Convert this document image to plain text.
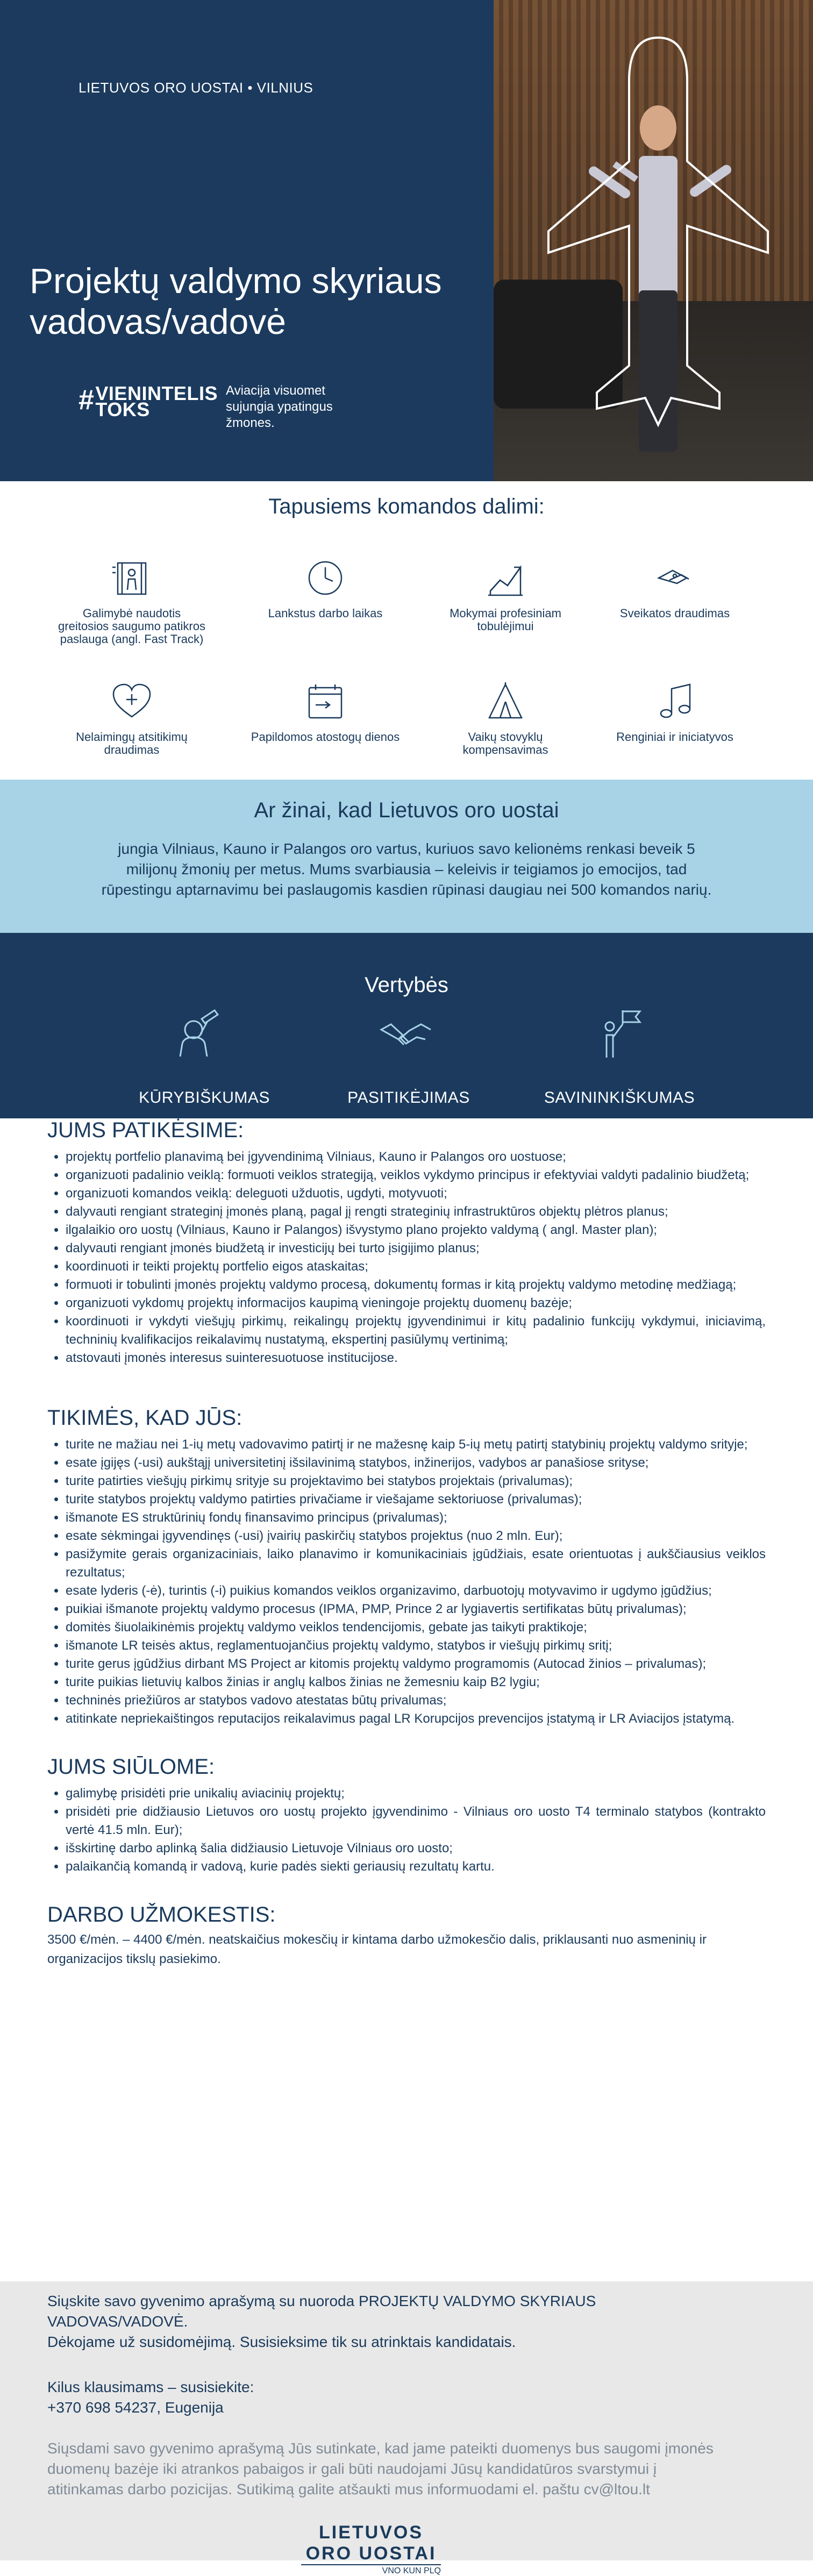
LIETUVOS ORO UOSTAI • VILNIUS
Projektų valdymo skyriaus vadovas/vadovė
#VIENINTELIS
TOKS
Aviacija visuomet sujungia ypatingus žmones.
Tapusiems komandos dalimi:
Galimybė naudotis greitosios saugumo patikros paslauga (angl. Fast Track)
Lankstus darbo laikas	Mokymai profesiniam tobulėjimui
Sveikatos draudimas
Nelaimingų atsitikimų draudimas
Papildomos atostogų dienos	Vaikų stovyklų kompensavimas
Renginiai ir iniciatyvos
Ar žinai, kad Lietuvos oro uostai

jungia Vilniaus, Kauno ir Palangos oro vartus, kuriuos savo kelionėms renkasi beveik 5 milijonų žmonių per metus. Mums svarbiausia – keleivis ir teigiamos jo emocijos, tad rūpestingu aptarnavimu bei paslaugomis kasdien rūpinasi daugiau nei 500 komandos narių.

Vertybės
KŪRYBIŠKUMAS	PASITIKĖJIMAS	SAVININKIŠKUMAS
JUMS PATIKĖSIME:
• projektų portfelio planavimą bei įgyvendinimą Vilniaus, Kauno ir Palangos oro uostuose;
• organizuoti padalinio veiklą: formuoti veiklos strategiją, veiklos vykdymo principus ir efektyviai valdyti padalinio biudžetą;
• organizuoti komandos veiklą: deleguoti užduotis, ugdyti, motyvuoti;
• dalyvauti rengiant strateginį įmonės planą, pagal jį rengti strateginių infrastruktūros objektų plėtros planus;
• ilgalaikio oro uostų (Vilniaus, Kauno ir Palangos) išvystymo plano projekto valdymą ( angl. Master plan);
• dalyvauti rengiant įmonės biudžetą ir investicijų bei turto įsigijimo planus;
• koordinuoti ir teikti projektų portfelio eigos ataskaitas;
• formuoti ir tobulinti įmonės projektų valdymo procesą, dokumentų formas ir kitą projektų valdymo metodinę medžiagą;
• organizuoti vykdomų projektų informacijos kaupimą vieningoje projektų duomenų bazėje;
• koordinuoti ir vykdyti viešųjų pirkimų, reikalingų projektų įgyvendinimui ir kitų padalinio funkcijų vykdymui, iniciavimą, techninių kvalifikacijos reikalavimų nustatymą, ekspertinį pasiūlymų vertinimą;
• atstovauti įmonės interesus suinteresuotuose institucijose.
TIKIMĖS, KAD JŪS:
• turite ne mažiau nei 1-ių metų vadovavimo patirtį ir ne mažesnę kaip 5-ių metų patirtį statybinių projektų valdymo srityje;
• esate įgijęs (-usi) aukštąjį universitetinį išsilavinimą statybos, inžinerijos, vadybos ar panašiose srityse;
• turite patirties viešųjų pirkimų srityje su projektavimo bei statybos projektais (privalumas);
• turite statybos projektų valdymo patirties privačiame ir viešajame sektoriuose (privalumas);
• išmanote ES struktūrinių fondų finansavimo principus (privalumas);
• esate sėkmingai įgyvendinęs (-usi) įvairių paskirčių statybos projektus (nuo 2 mln. Eur);
• pasižymite gerais organizaciniais, laiko planavimo ir komunikaciniais įgūdžiais, esate orientuotas į aukščiausius veiklos rezultatus;
• esate lyderis (-ė), turintis (-i) puikius komandos veiklos organizavimo, darbuotojų motyvavimo ir ugdymo įgūdžius;
• puikiai išmanote projektų valdymo procesus (IPMA, PMP, Prince 2 ar lygiavertis sertifikatas būtų privalumas);
• domitės šiuolaikinėmis projektų valdymo veiklos tendencijomis, gebate jas taikyti praktikoje;
• išmanote LR teisės aktus, reglamentuojančius projektų valdymo, statybos ir viešųjų pirkimų sritį;
• turite gerus įgūdžius dirbant MS Project ar kitomis projektų valdymo programomis (Autocad žinios – privalumas);
• turite puikias lietuvių kalbos žinias ir anglų kalbos žinias ne žemesniu kaip B2 lygiu;
• techninės priežiūros ar statybos vadovo atestatas būtų privalumas;
• atitinkate nepriekaištingos reputacijos reikalavimus pagal LR Korupcijos prevencijos įstatymą ir LR Aviacijos įstatymą.
JUMS SIŪLOME:
• galimybę prisidėti prie unikalių aviacinių projektų;
• prisidėti prie didžiausio Lietuvos oro uostų projekto įgyvendinimo - Vilniaus oro uosto T4 terminalo statybos (kontrakto vertė 41.5 mln. Eur);
• išskirtinę darbo aplinką šalia didžiausio Lietuvoje Vilniaus oro uosto;
• palaikančią komandą ir vadovą, kurie padės siekti geriausių rezultatų kartu.
DARBO UŽMOKESTIS:

3500 €/mėn. – 4400 €/mėn. neatskaičius mokesčių ir kintama darbo užmokesčio dalis, priklausanti nuo asmeninių ir organizacijos tikslų pasiekimo.

Siųskite savo gyvenimo aprašymą su nuoroda PROJEKTŲ VALDYMO SKYRIAUS VADOVAS/VADOVĖ.
Dėkojame už susidomėjimą. Susisieksime tik su atrinktais kandidatais.
Kilus klausimams – susisiekite:
+370 698 54237, Eugenija
Siųsdami savo gyvenimo aprašymą Jūs sutinkate, kad jame pateikti duomenys bus saugomi įmonės duomenų bazėje iki atrankos pabaigos ir gali būti naudojami Jūsų kandidatūros svarstymui į atitinkamas darbo pozicijas. Sutikimą galite atšaukti mus informuodami el. paštu cv@ltou.lt
LIETUVOS ORO UOSTAI
VNO KUN PLQ
